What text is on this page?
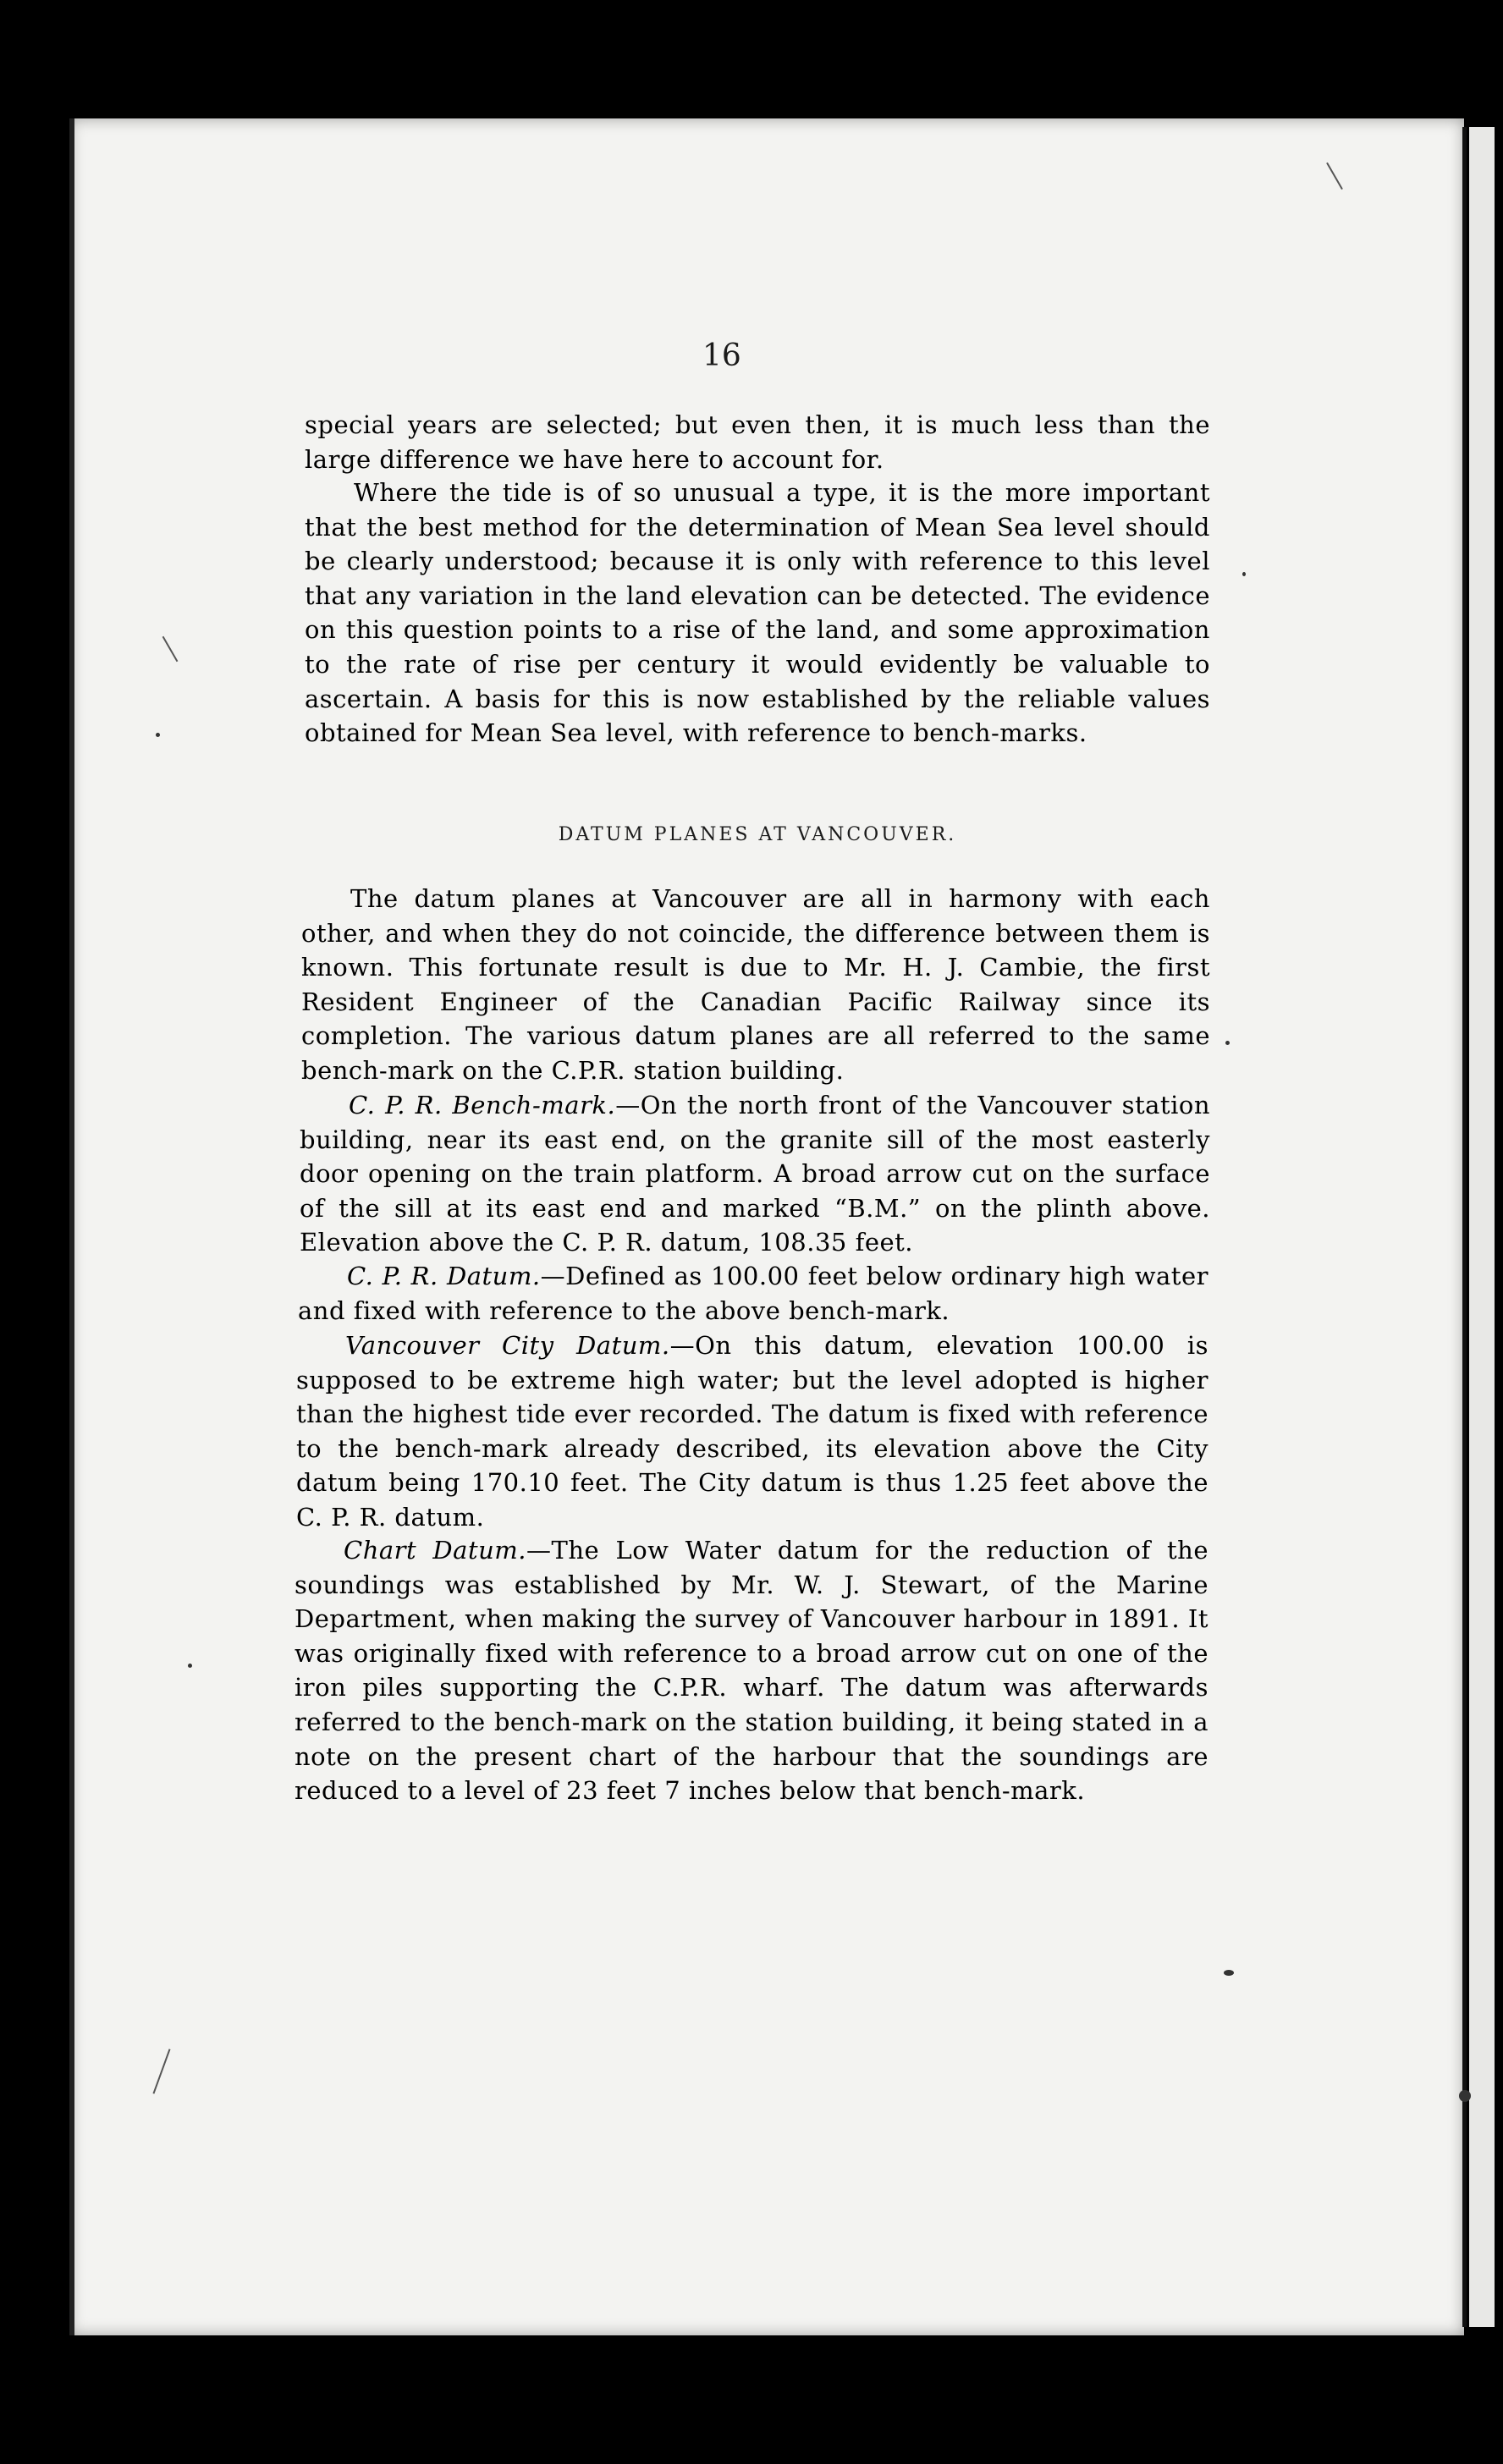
16

special years are selected; but even then, it is much less than the large difference we have here to account for.

Where the tide is of so unusual a type, it is the more important that the best method for the determination of Mean Sea level should be clearly understood; because it is only with reference to this level that any variation in the land elevation can be detected. The evidence on this question points to a rise of the land, and some approximation to the rate of rise per century it would evidently be valuable to ascertain. A basis for this is now established by the reliable values obtained for Mean Sea level, with reference to bench-marks.

DATUM PLANES AT VANCOUVER.

The datum planes at Vancouver are all in harmony with each other, and when they do not coincide, the difference between them is known. This fortunate result is due to Mr. H. J. Cambie, the first Resident Engineer of the Canadian Pacific Railway since its completion. The various datum planes are all referred to the same bench-mark on the C.P.R. station building.

C. P. R. Bench-mark.—On the north front of the Vancouver station building, near its east end, on the granite sill of the most easterly door opening on the train platform. A broad arrow cut on the surface of the sill at its east end and marked “B.M.” on the plinth above. Elevation above the C. P. R. datum, 108.35 feet.

C. P. R. Datum.—Defined as 100.00 feet below ordinary high water and fixed with reference to the above bench-mark.

Vancouver City Datum.—On this datum, elevation 100.00 is supposed to be extreme high water; but the level adopted is higher than the highest tide ever recorded. The datum is fixed with reference to the bench-mark already described, its elevation above the City datum being 170.10 feet. The City datum is thus 1.25 feet above the C. P. R. datum.

Chart Datum.—The Low Water datum for the reduction of the soundings was established by Mr. W. J. Stewart, of the Marine Department, when making the survey of Vancouver harbour in 1891. It was originally fixed with reference to a broad arrow cut on one of the iron piles supporting the C.P.R. wharf. The datum was afterwards referred to the bench-mark on the station building, it being stated in a note on the present chart of the harbour that the soundings are reduced to a level of 23 feet 7 inches below that bench-mark.
